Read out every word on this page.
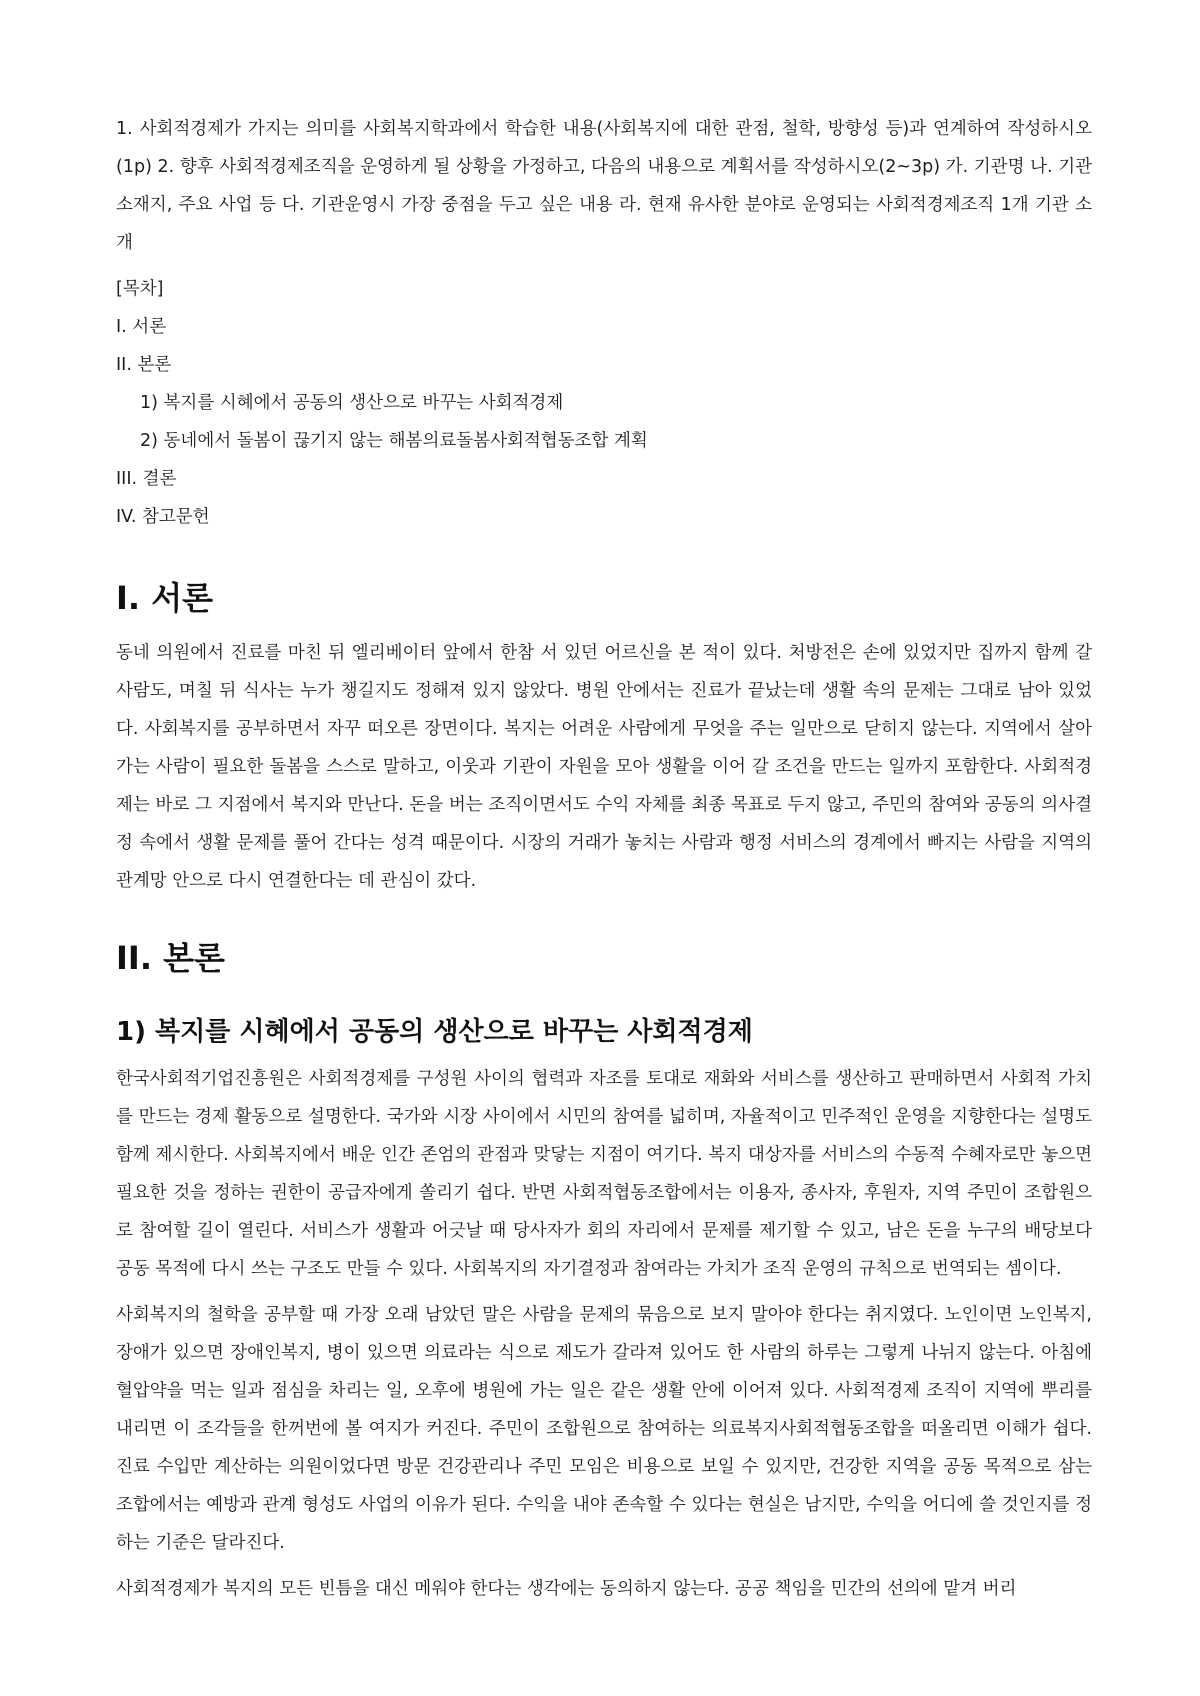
1. 사회적경제가 가지는 의미를 사회복지학과에서 학습한 내용(사회복지에 대한 관점, 철학, 방향성 등)과 연계하여 작성하시오(1p) 2. 향후 사회적경제조직을 운영하게 될 상황을 가정하고, 다음의 내용으로 계획서를 작성하시오(2~3p) 가. 기관명 나. 기관 소재지, 주요 사업 등 다. 기관운영시 가장 중점을 두고 싶은 내용 라. 현재 유사한 분야로 운영되는 사회적경제조직 1개 기관 소개

[목차]

I. 서론

II. 본론

1) 복지를 시혜에서 공동의 생산으로 바꾸는 사회적경제

2) 동네에서 돌봄이 끊기지 않는 해봄의료돌봄사회적협동조합 계획

III. 결론

IV. 참고문헌

I. 서론

동네 의원에서 진료를 마친 뒤 엘리베이터 앞에서 한참 서 있던 어르신을 본 적이 있다. 처방전은 손에 있었지만 집까지 함께 갈 사람도, 며칠 뒤 식사는 누가 챙길지도 정해져 있지 않았다. 병원 안에서는 진료가 끝났는데 생활 속의 문제는 그대로 남아 있었다. 사회복지를 공부하면서 자꾸 떠오른 장면이다. 복지는 어려운 사람에게 무엇을 주는 일만으로 닫히지 않는다. 지역에서 살아가는 사람이 필요한 돌봄을 스스로 말하고, 이웃과 기관이 자원을 모아 생활을 이어 갈 조건을 만드는 일까지 포함한다. 사회적경제는 바로 그 지점에서 복지와 만난다. 돈을 버는 조직이면서도 수익 자체를 최종 목표로 두지 않고, 주민의 참여와 공동의 의사결정 속에서 생활 문제를 풀어 간다는 성격 때문이다. 시장의 거래가 놓치는 사람과 행정 서비스의 경계에서 빠지는 사람을 지역의 관계망 안으로 다시 연결한다는 데 관심이 갔다.

II. 본론
1) 복지를 시혜에서 공동의 생산으로 바꾸는 사회적경제

한국사회적기업진흥원은 사회적경제를 구성원 사이의 협력과 자조를 토대로 재화와 서비스를 생산하고 판매하면서 사회적 가치를 만드는 경제 활동으로 설명한다. 국가와 시장 사이에서 시민의 참여를 넓히며, 자율적이고 민주적인 운영을 지향한다는 설명도 함께 제시한다. 사회복지에서 배운 인간 존엄의 관점과 맞닿는 지점이 여기다. 복지 대상자를 서비스의 수동적 수혜자로만 놓으면 필요한 것을 정하는 권한이 공급자에게 쏠리기 쉽다. 반면 사회적협동조합에서는 이용자, 종사자, 후원자, 지역 주민이 조합원으로 참여할 길이 열린다. 서비스가 생활과 어긋날 때 당사자가 회의 자리에서 문제를 제기할 수 있고, 남은 돈을 누구의 배당보다 공동 목적에 다시 쓰는 구조도 만들 수 있다. 사회복지의 자기결정과 참여라는 가치가 조직 운영의 규칙으로 번역되는 셈이다.

사회복지의 철학을 공부할 때 가장 오래 남았던 말은 사람을 문제의 묶음으로 보지 말아야 한다는 취지였다. 노인이면 노인복지, 장애가 있으면 장애인복지, 병이 있으면 의료라는 식으로 제도가 갈라져 있어도 한 사람의 하루는 그렇게 나뉘지 않는다. 아침에 혈압약을 먹는 일과 점심을 차리는 일, 오후에 병원에 가는 일은 같은 생활 안에 이어져 있다. 사회적경제 조직이 지역에 뿌리를 내리면 이 조각들을 한꺼번에 볼 여지가 커진다. 주민이 조합원으로 참여하는 의료복지사회적협동조합을 떠올리면 이해가 쉽다. 진료 수입만 계산하는 의원이었다면 방문 건강관리나 주민 모임은 비용으로 보일 수 있지만, 건강한 지역을 공동 목적으로 삼는 조합에서는 예방과 관계 형성도 사업의 이유가 된다. 수익을 내야 존속할 수 있다는 현실은 남지만, 수익을 어디에 쓸 것인지를 정하는 기준은 달라진다.

사회적경제가 복지의 모든 빈틈을 대신 메워야 한다는 생각에는 동의하지 않는다. 공공 책임을 민간의 선의에 맡겨 버리
